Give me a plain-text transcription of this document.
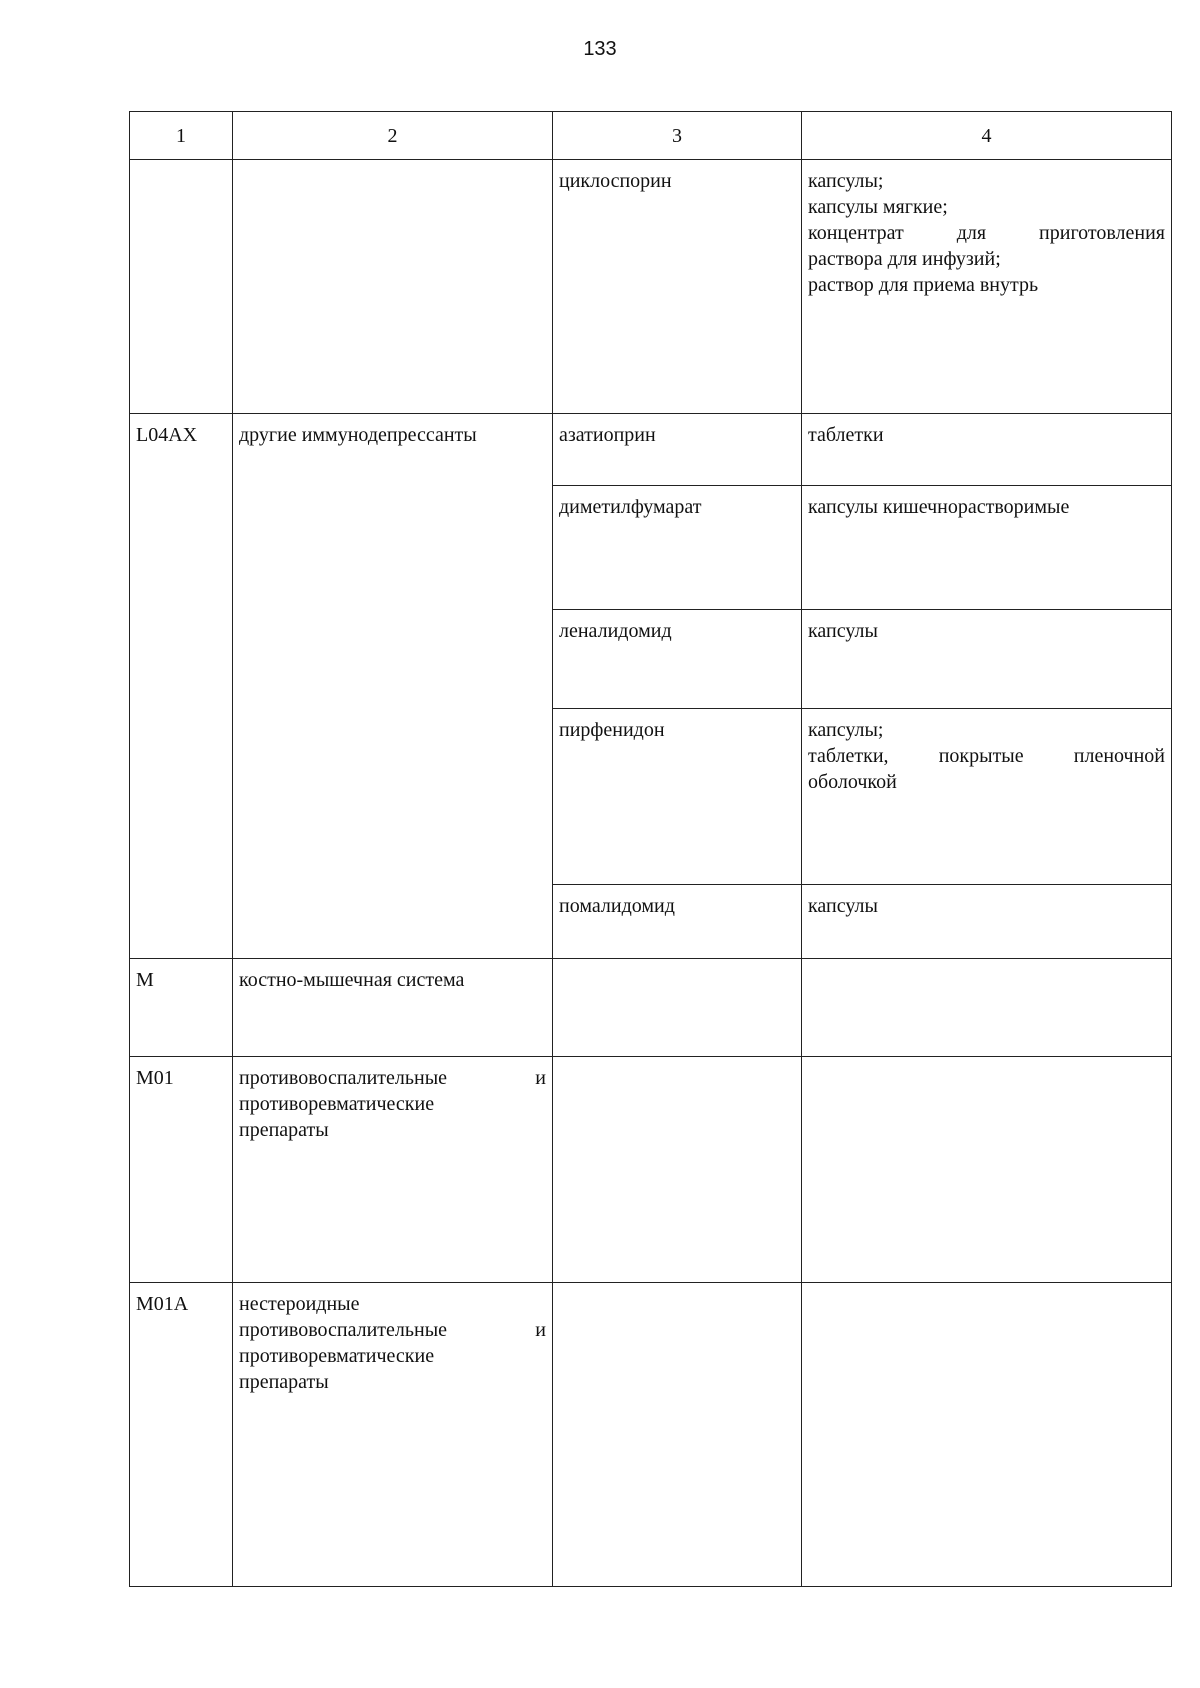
133
1	2	3	4
		циклоспорин	капсулы;
капсулы мягкие;
концентрат для приготовления
раствора для инфузий;
раствор для приема внутрь

L04AX	другие иммунодепрессанты	азатиоприн	таблетки
		диметилфумарат	капсулы кишечнорастворимые
		леналидомид	капсулы
		пирфенидон	капсулы;
таблетки, покрытые пленочной
оболочкой

		помалидомид	капсулы
M	костно-мышечная система		
M01	противовоспалительные и
противоревматические
препараты		

M01A	нестероидные
противовоспалительные и
противоревматические
препараты		
